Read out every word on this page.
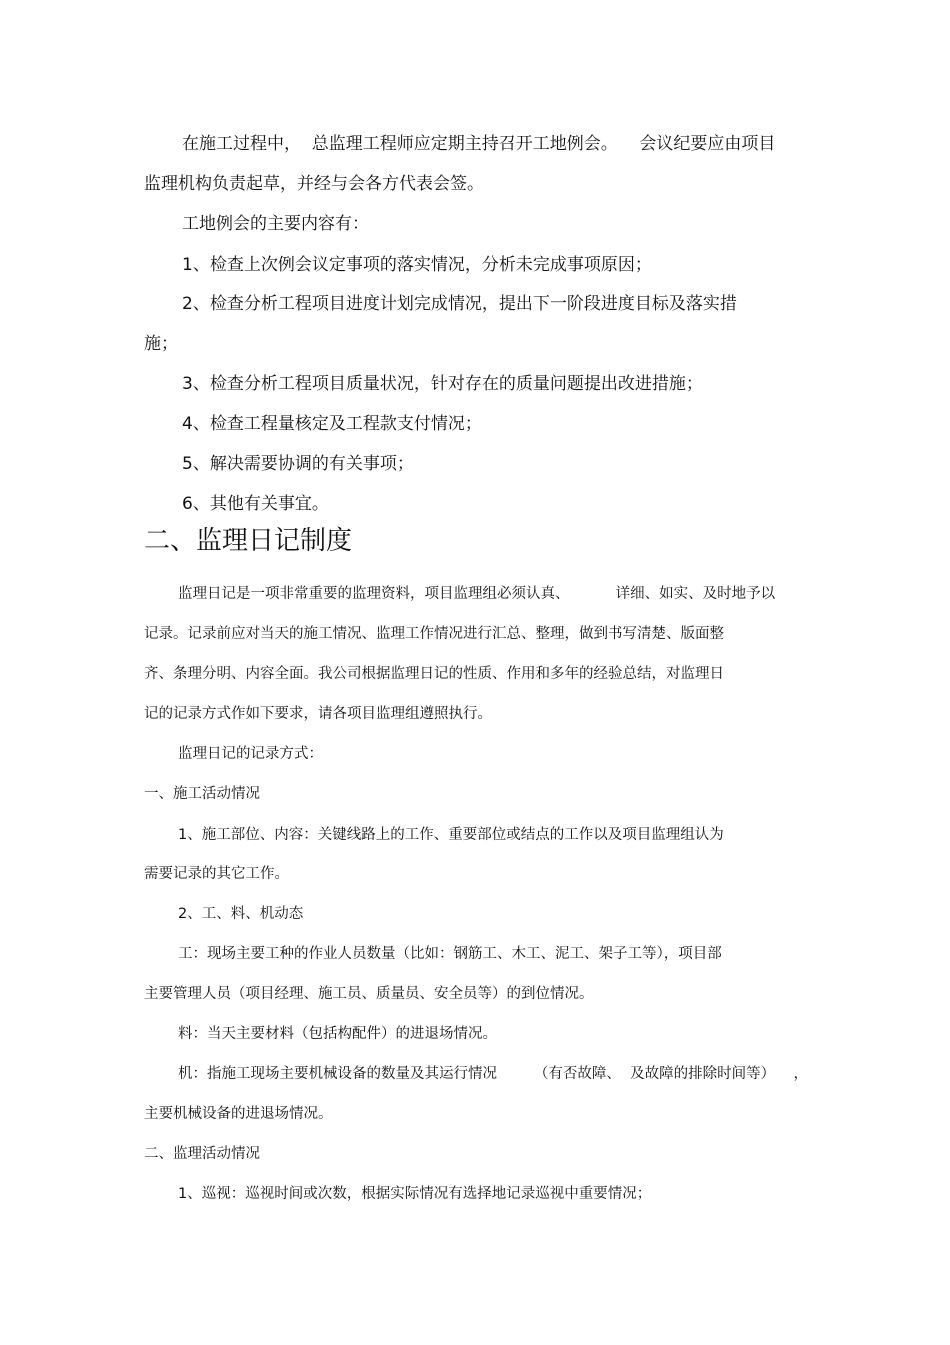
在施工过程中，  总监理工程师应定期主持召开工地例会。    会议纪要应由项目
监理机构负责起草，并经与会各方代表会签。
工地例会的主要内容有：
1、检查上次例会议定事项的落实情况，分析未完成事项原因；
2、检查分析工程项目进度计划完成情况，提出下一阶段进度目标及落实措
施；
3、检查分析工程项目质量状况，针对存在的质量问题提出改进措施；
4、检查工程量核定及工程款支付情况；
5、解决需要协调的有关事项；
6、其他有关事宜。
二、监理日记制度
监理日记是一项非常重要的监理资料，项目监理组必须认真、          详细、如实、及时地予以
记录。记录前应对当天的施工情况、监理工作情况进行汇总、整理，做到书写清楚、版面整
齐、条理分明、内容全面。我公司根据监理日记的性质、作用和多年的经验总结，对监理日
记的记录方式作如下要求，请各项目监理组遵照执行。
监理日记的记录方式：
一、施工活动情况
1、施工部位、内容：关键线路上的工作、重要部位或结点的工作以及项目监理组认为
需要记录的其它工作。
2、工、料、机动态
工：现场主要工种的作业人员数量（比如：钢筋工、木工、泥工、架子工等），项目部
主要管理人员（项目经理、施工员、质量员、安全员等）的到位情况。
料：当天主要材料（包括构配件）的进退场情况。
机：指施工现场主要机械设备的数量及其运行情况        （有否故障、  及故障的排除时间等）    ，
主要机械设备的进退场情况。
二、监理活动情况
1、巡视：巡视时间或次数，根据实际情况有选择地记录巡视中重要情况；
